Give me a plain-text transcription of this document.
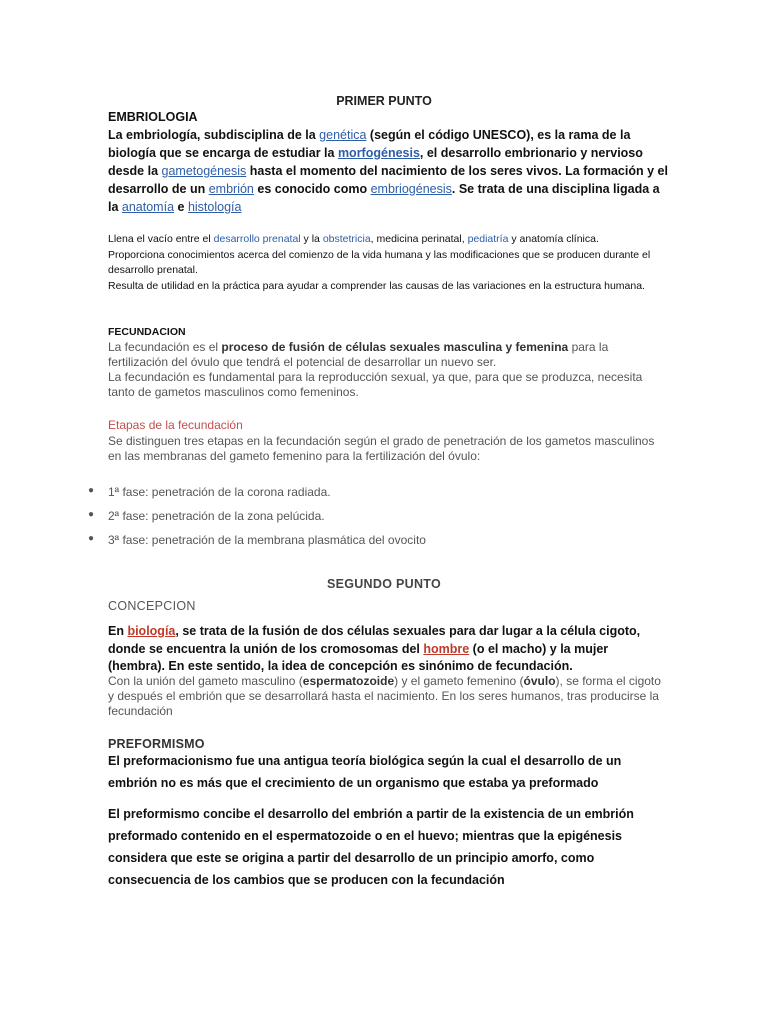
PRIMER PUNTO
EMBRIOLOGIA

La embriología, subdisciplina de la genética (según el código UNESCO), es la rama de la biología que se encarga de estudiar la morfogénesis, el desarrollo embrionario y nervioso desde la gametogénesis hasta el momento del nacimiento de los seres vivos. La formación y el desarrollo de un embrión es conocido como embriogénesis. Se trata de una disciplina ligada a la anatomía e histología

Llena el vacío entre el desarrollo prenatal y la obstetricia, medicina perinatal, pediatría y anatomía clínica.
Proporciona conocimientos acerca del comienzo de la vida humana y las modificaciones que se producen durante el desarrollo prenatal.
Resulta de utilidad en la práctica para ayudar a comprender las causas de las variaciones en la estructura humana.
FECUNDACION
La fecundación es el proceso de fusión de células sexuales masculina y femenina para la fertilización del óvulo que tendrá el potencial de desarrollar un nuevo ser.
La fecundación es fundamental para la reproducción sexual, ya que, para que se produzca, necesita tanto de gametos masculinos como femeninos.
Etapas de la fecundación
Se distinguen tres etapas en la fecundación según el grado de penetración de los gametos masculinos en las membranas del gameto femenino para la fertilización del óvulo:
● 1ª fase: penetración de la corona radiada.
● 2ª fase: penetración de la zona pelúcida.
● 3ª fase: penetración de la membrana plasmática del ovocito
SEGUNDO PUNTO
CONCEPCION

En biología, se trata de la fusión de dos células sexuales para dar lugar a la célula cigoto, donde se encuentra la unión de los cromosomas del hombre (o el macho) y la mujer (hembra). En este sentido, la idea de concepción es sinónimo de fecundación.

Con la unión del gameto masculino (espermatozoide) y el gameto femenino (óvulo), se forma el cigoto y después el embrión que se desarrollará hasta el nacimiento. En los seres humanos, tras producirse la fecundación

PREFORMISMO

El preformacionismo fue una antigua teoría biológica según la cual el desarrollo de un embrión no es más que el crecimiento de un organismo que estaba ya preformado

El preformismo concibe el desarrollo del embrión a partir de la existencia de un embrión preformado contenido en el espermatozoide o en el huevo; mientras que la epigénesis considera que este se origina a partir del desarrollo de un principio amorfo, como consecuencia de los cambios que se producen con la fecundación
